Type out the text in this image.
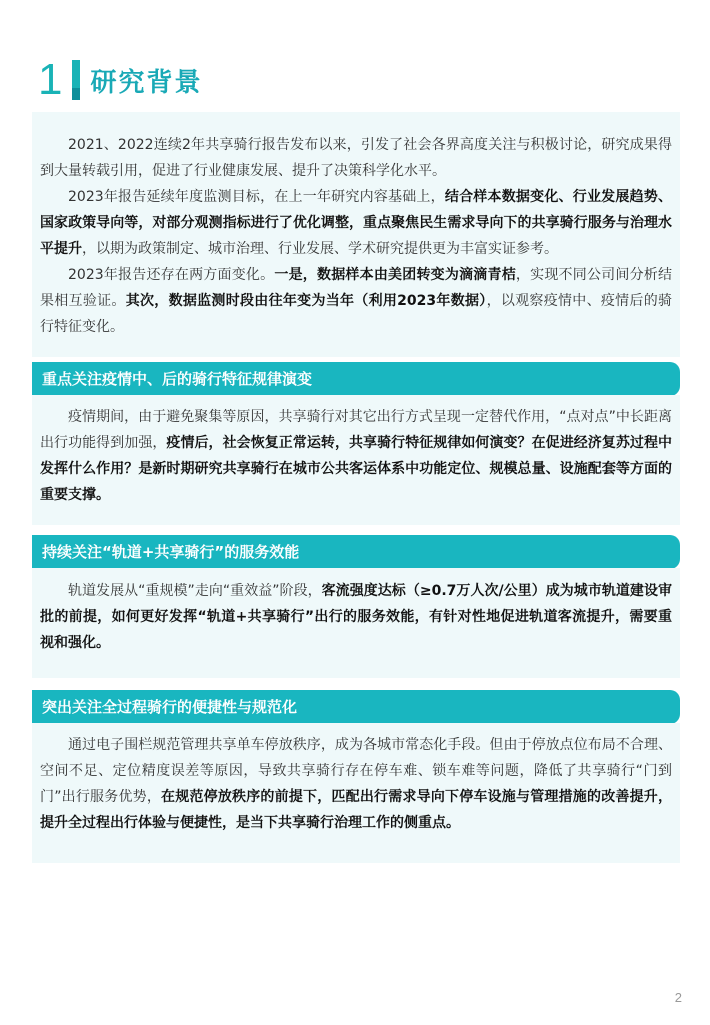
1 研究背景

2021、2022连续2年共享骑行报告发布以来，引发了社会各界高度关注与积极讨论，研究成果得到大量转载引用，促进了行业健康发展、提升了决策科学化水平。

2023年报告延续年度监测目标，在上一年研究内容基础上，结合样本数据变化、行业发展趋势、国家政策导向等，对部分观测指标进行了优化调整，重点聚焦民生需求导向下的共享骑行服务与治理水平提升，以期为政策制定、城市治理、行业发展、学术研究提供更为丰富实证参考。

2023年报告还存在两方面变化。一是，数据样本由美团转变为滴滴青桔，实现不同公司间分析结果相互验证。其次，数据监测时段由往年变为当年（利用2023年数据），以观察疫情中、疫情后的骑行特征变化。

重点关注疫情中、后的骑行特征规律演变

疫情期间，由于避免聚集等原因，共享骑行对其它出行方式呈现一定替代作用，“点对点”中长距离出行功能得到加强，疫情后，社会恢复正常运转，共享骑行特征规律如何演变？在促进经济复苏过程中发挥什么作用？是新时期研究共享骑行在城市公共客运体系中功能定位、规模总量、设施配套等方面的重要支撑。

持续关注“轨道+共享骑行”的服务效能

轨道发展从“重规模”走向“重效益”阶段，客流强度达标（≥0.7万人次/公里）成为城市轨道建设审批的前提，如何更好发挥“轨道+共享骑行”出行的服务效能，有针对性地促进轨道客流提升，需要重视和强化。

突出关注全过程骑行的便捷性与规范化

通过电子围栏规范管理共享单车停放秩序，成为各城市常态化手段。但由于停放点位布局不合理、空间不足、定位精度误差等原因，导致共享骑行存在停车难、锁车难等问题，降低了共享骑行“门到门”出行服务优势，在规范停放秩序的前提下，匹配出行需求导向下停车设施与管理措施的改善提升，提升全过程出行体验与便捷性，是当下共享骑行治理工作的侧重点。

2
